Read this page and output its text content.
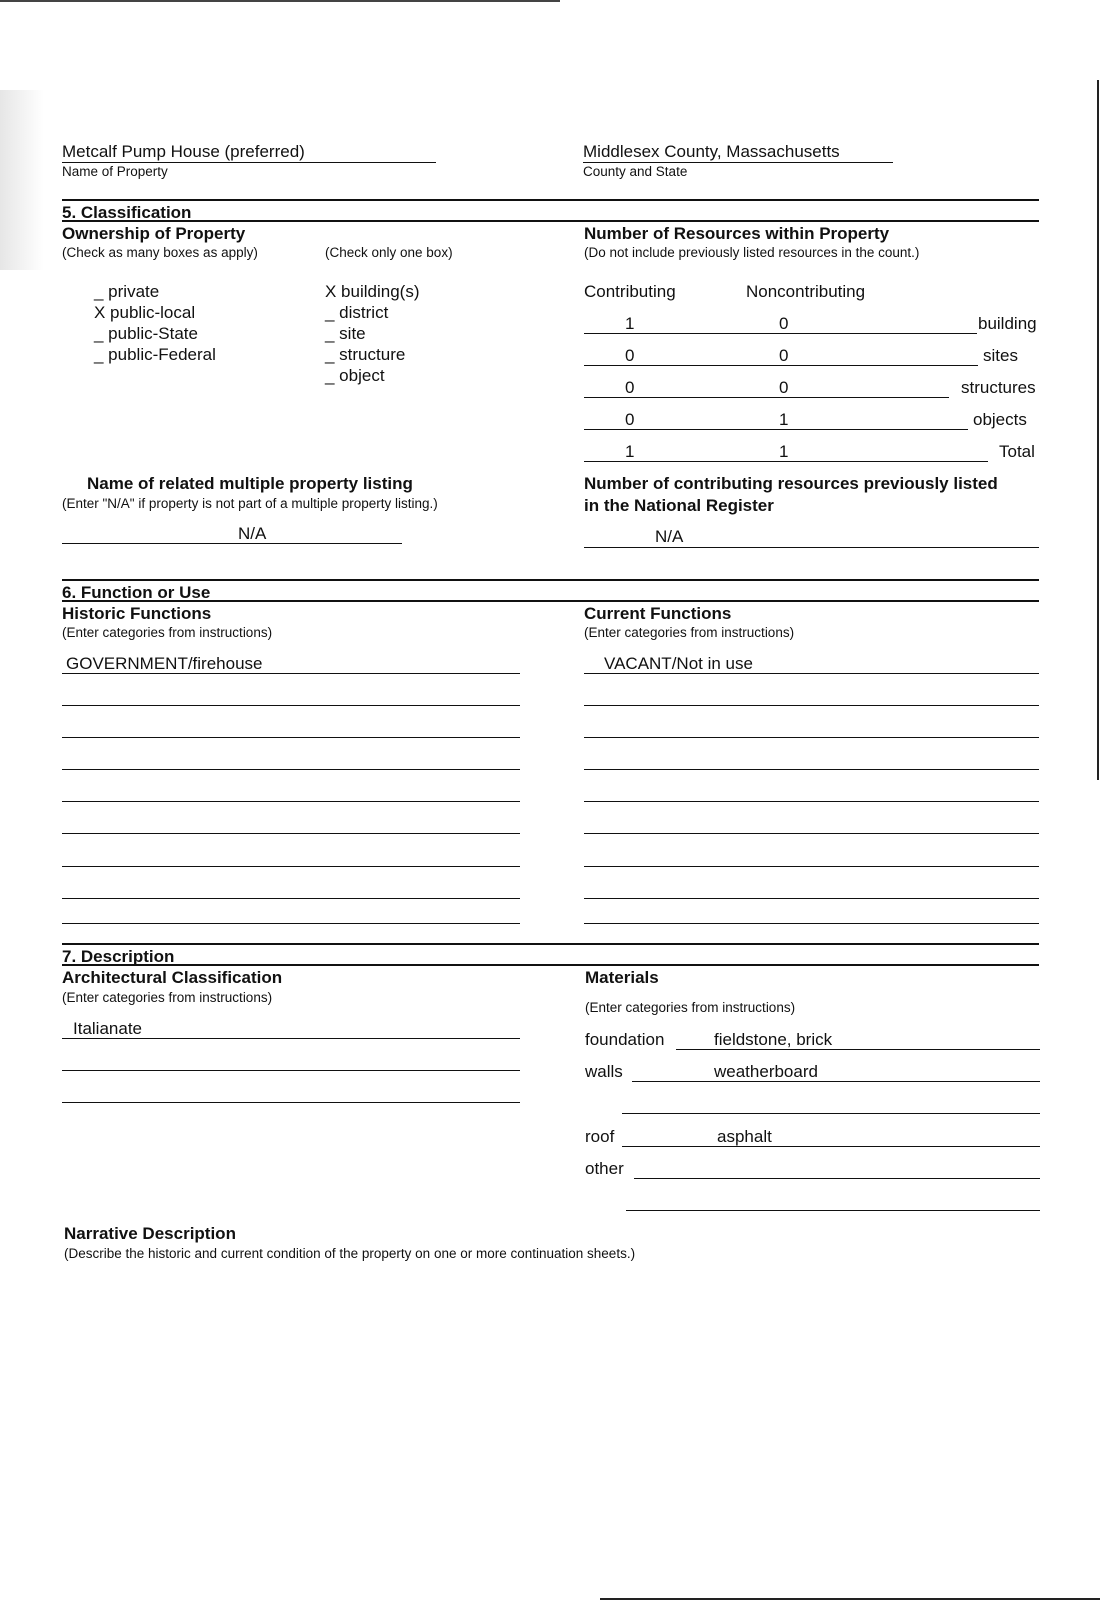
Metcalf Pump House (preferred)
Name of Property
Middlesex County, Massachusetts
County and State
5. Classification
Ownership of Property
(Check as many boxes as apply)	(Check only one box)
_ private
X public-local
_ public-State
_ public-Federal
X building(s)
_ district
_ site
_ structure
_ object
Number of Resources within Property
(Do not include previously listed resources in the count.)
Contributing	Noncontributing
1	0	building
0	0	sites
0	0	structures
0	1	objects
1	1	Total
Name of related multiple property listing
(Enter "N/A" if property is not part of a multiple property listing.)
N/A
Number of contributing resources previously listed
in the National Register
N/A
6. Function or Use
Historic Functions
(Enter categories from instructions)
GOVERNMENT/firehouse
Current Functions
(Enter categories from instructions)
VACANT/Not in use
7. Description
Architectural Classification
(Enter categories from instructions)
Italianate
Materials
(Enter categories from instructions)
foundation	fieldstone, brick
walls	weatherboard
roof	asphalt
other
Narrative Description
(Describe the historic and current condition of the property on one or more continuation sheets.)
